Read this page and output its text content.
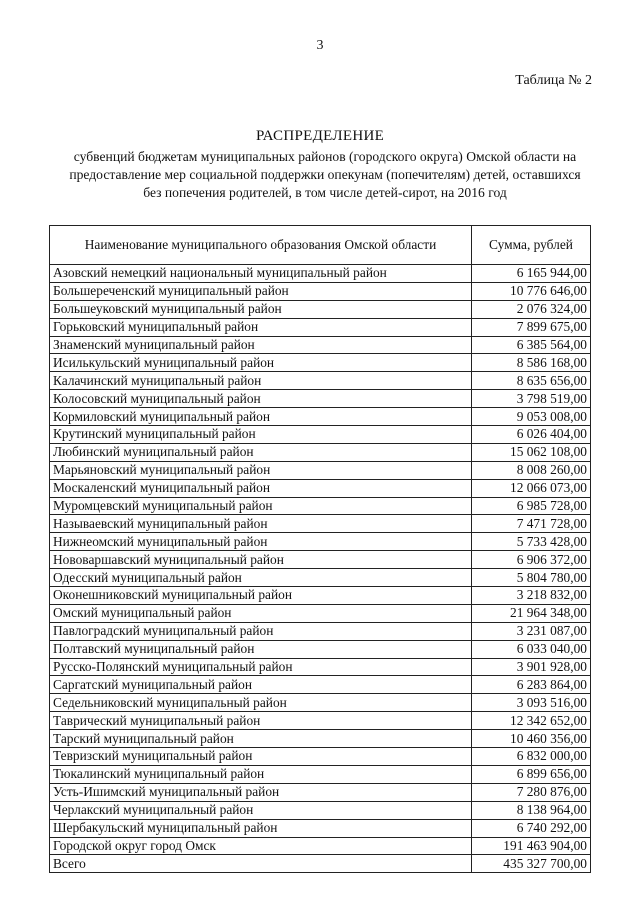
3
Таблица № 2
РАСПРЕДЕЛЕНИЕ
субвенций бюджетам муниципальных районов (городского округа) Омской области на
предоставление мер социальной поддержки опекунам (попечителям) детей, оставшихся
без попечения родителей, в том числе детей-сирот, на 2016 год
Наименование муниципального образования Омской области	Сумма, рублей
Азовский немецкий национальный муниципальный район	6 165 944,00
Большереченский муниципальный район	10 776 646,00
Большеуковский муниципальный район	2 076 324,00
Горьковский муниципальный район	7 899 675,00
Знаменский муниципальный район	6 385 564,00
Исилькульский муниципальный район	8 586 168,00
Калачинский муниципальный район	8 635 656,00
Колосовский муниципальный район	3 798 519,00
Кормиловский муниципальный район	9 053 008,00
Крутинский муниципальный район	6 026 404,00
Любинский муниципальный район	15 062 108,00
Марьяновский муниципальный район	8 008 260,00
Москаленский муниципальный район	12 066 073,00
Муромцевский муниципальный район	6 985 728,00
Называевский муниципальный район	7 471 728,00
Нижнеомский муниципальный район	5 733 428,00
Нововаршавский муниципальный район	6 906 372,00
Одесский муниципальный район	5 804 780,00
Оконешниковский муниципальный район	3 218 832,00
Омский муниципальный район	21 964 348,00
Павлоградский муниципальный район	3 231 087,00
Полтавский муниципальный район	6 033 040,00
Русско-Полянский муниципальный район	3 901 928,00
Саргатский муниципальный район	6 283 864,00
Седельниковский муниципальный район	3 093 516,00
Таврический муниципальный район	12 342 652,00
Тарский муниципальный район	10 460 356,00
Тевризский муниципальный район	6 832 000,00
Тюкалинский муниципальный район	6 899 656,00
Усть-Ишимский муниципальный район	7 280 876,00
Черлакский муниципальный район	8 138 964,00
Шербакульский муниципальный район	6 740 292,00
Городской округ город Омск	191 463 904,00
Всего	435 327 700,00
